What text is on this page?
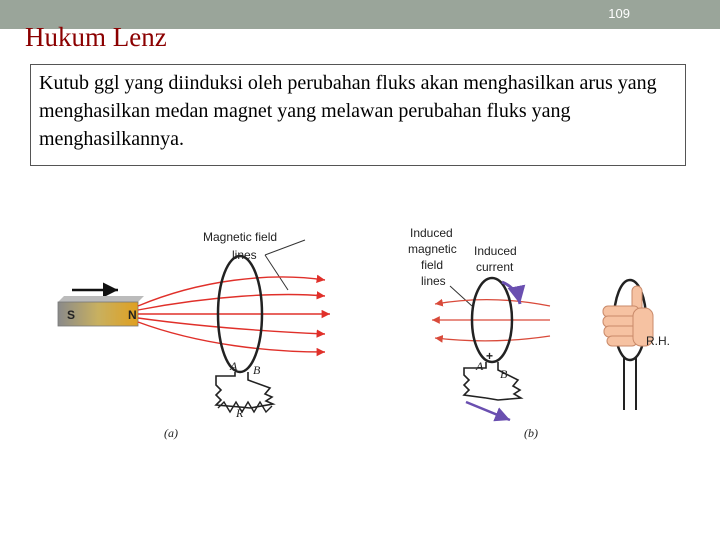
109
Hukum Lenz
Kutub ggl yang diinduksi oleh perubahan fluks akan menghasilkan arus yang menghasilkan medan magnet yang melawan perubahan fluks yang menghasilkannya.
Magnetic field
lines
S	N
A B
R
(a)
Induced
magnetic
field
lines
Induced
current
+
A
B
(b)
R.H.
